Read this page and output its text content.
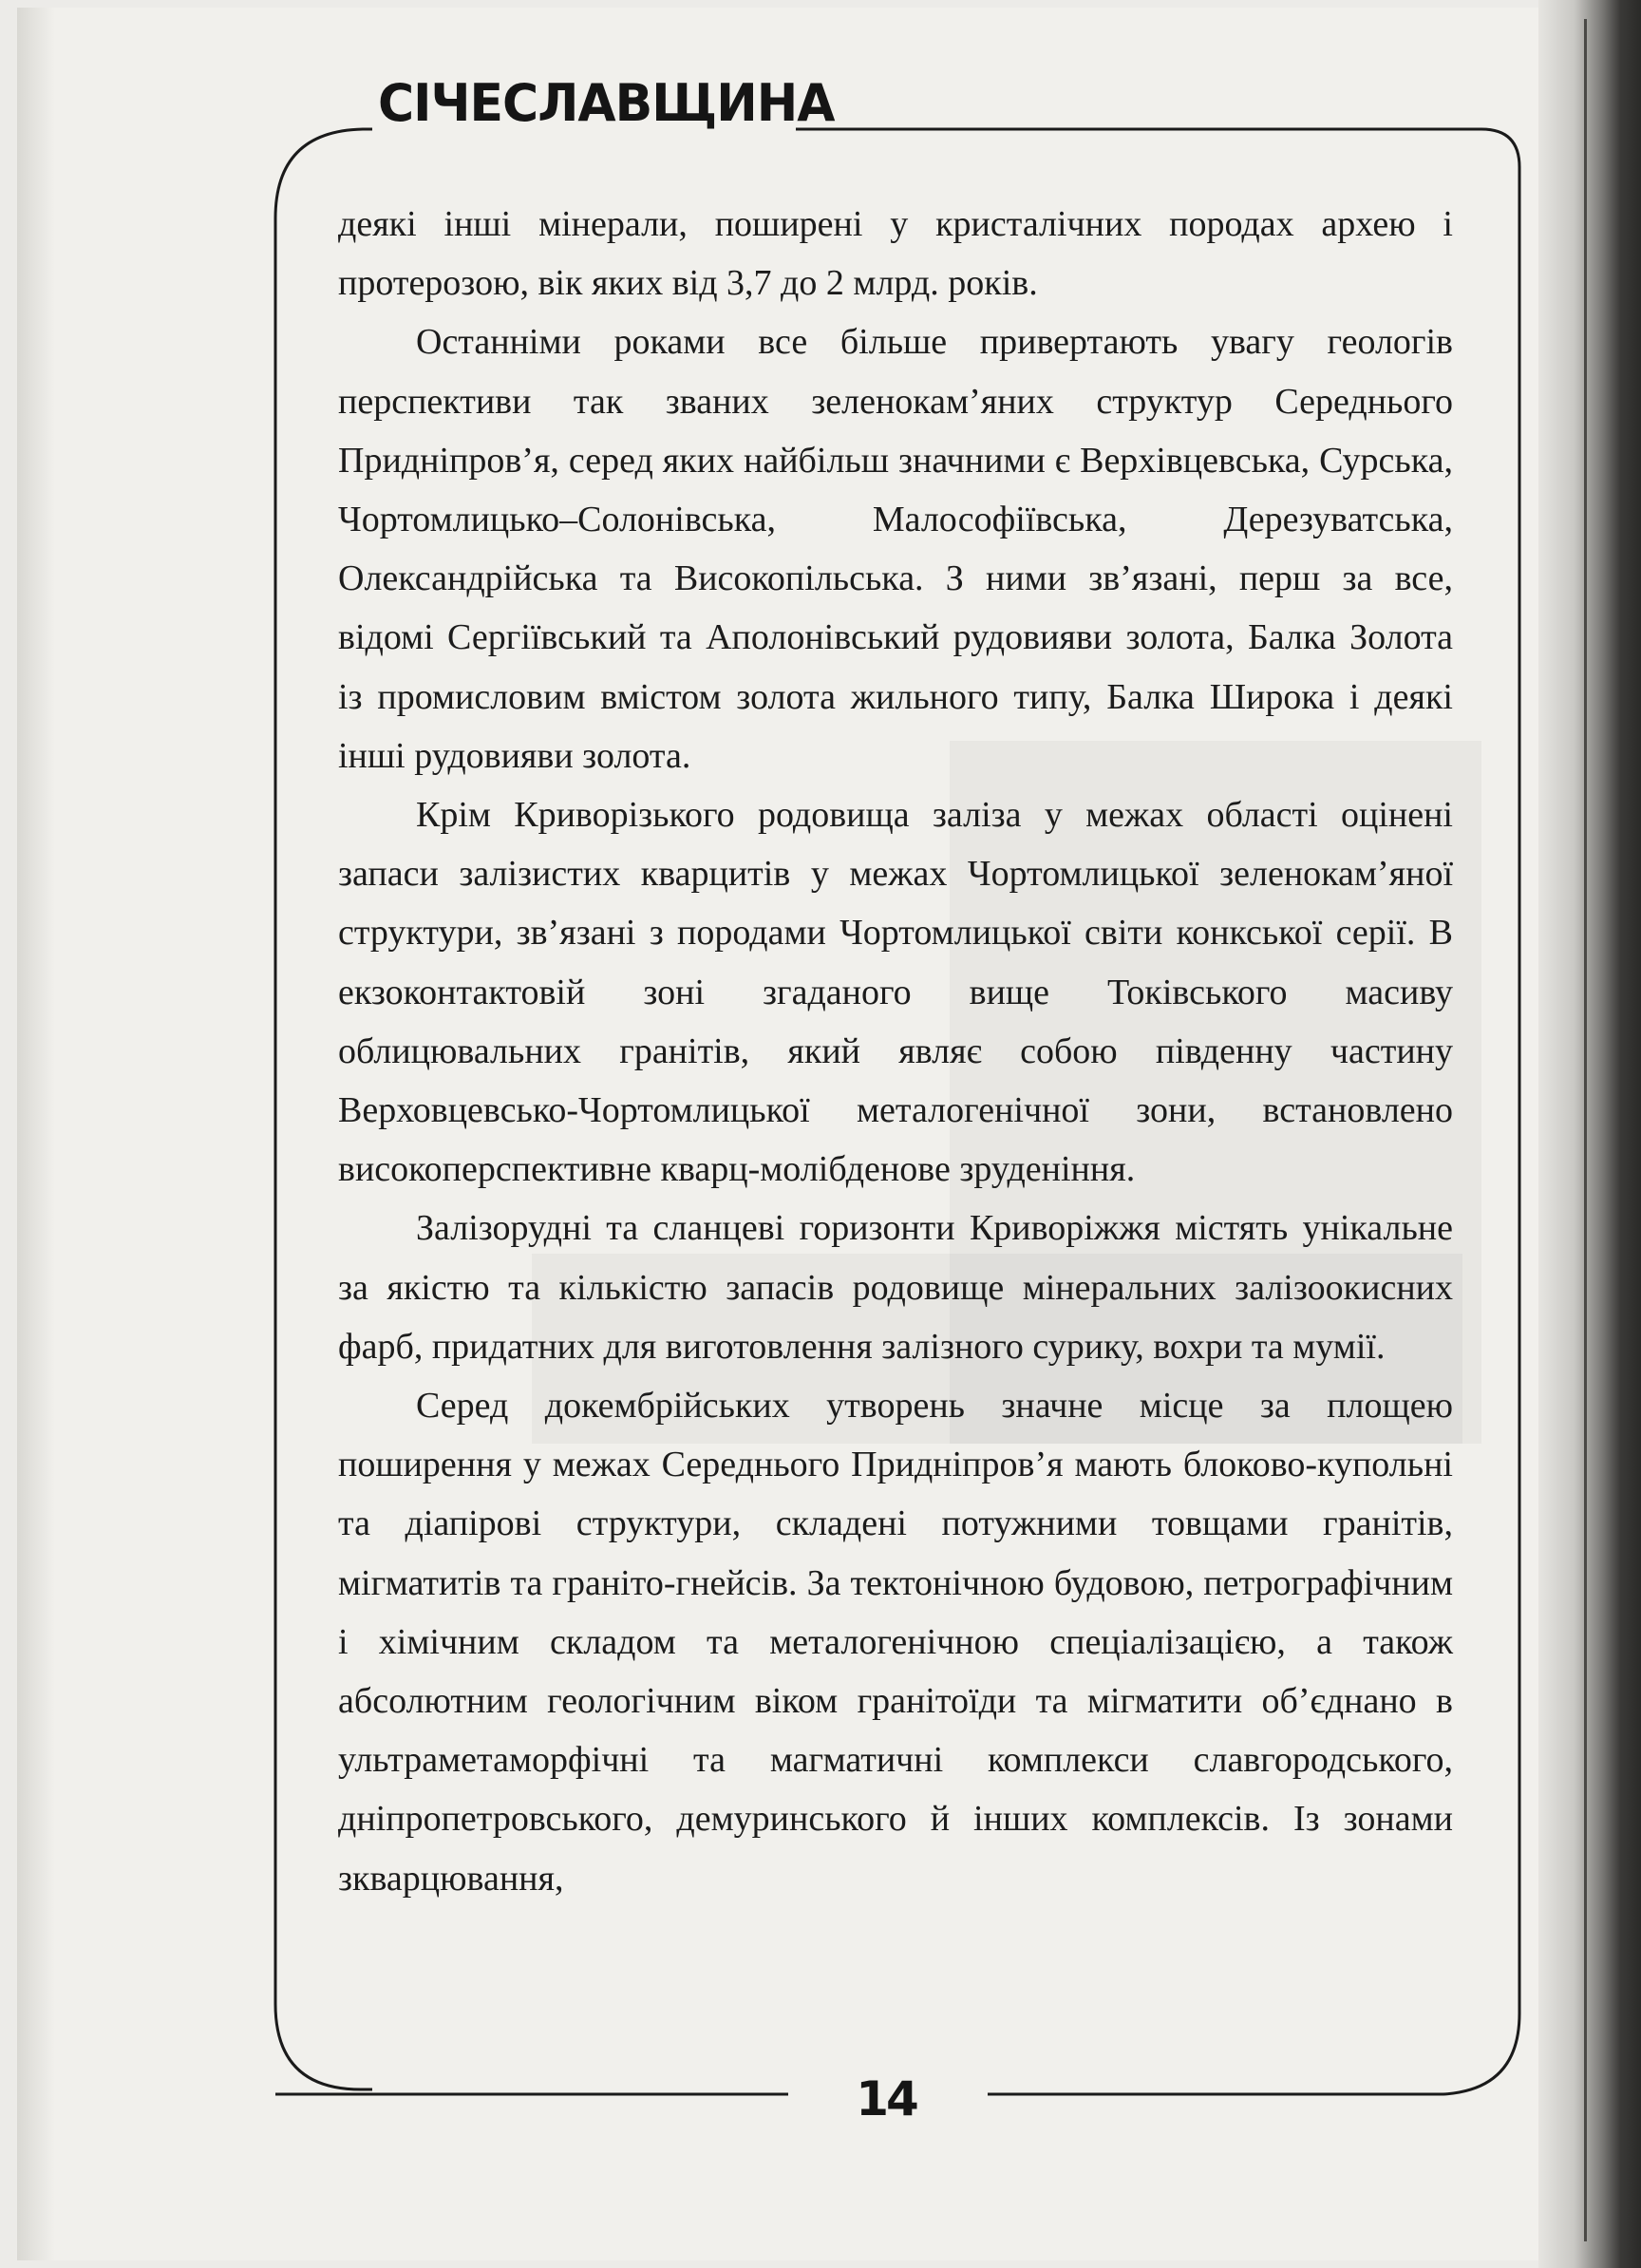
СІЧЕСЛАВЩИНА
14

деякі інші мінерали, поширені у кристалічних породах архею і протерозою, вік яких від 3,7 до 2 млрд. років.

Останніми роками все більше привертають увагу геологів перспективи так званих зеленокам’яних структур Середнього Придніпров’я, серед яких найбільш значними є Верхівцевська, Сурська, Чортомлицько–Солонівська, Малософіївська, Дерезуватська, Олександрійська та Високопільська. З ними зв’язані, перш за все, відомі Сергіївський та Аполонівський рудовияви золота, Балка Золота із промисловим вмістом золота жильного типу, Балка Широка і деякі інші рудовияви золота.

Крім Криворізького родовища заліза у межах області оцінені запаси залізистих кварцитів у межах Чортомлицької зеленокам’яної структури, зв’язані з породами Чортомлицької світи конкської серії. В екзоконтактовій зоні згаданого вище Токівського масиву облицювальних гранітів, який являє собою південну частину Верховцевсько-Чортомлицької металогенічної зони, встановлено високоперспективне кварц-молібденове зруденіння.

Залізорудні та сланцеві горизонти Криворіжжя містять унікальне за якістю та кількістю запасів родовище мінеральних залізоокисних фарб, придатних для виготовлення залізного сурику, вохри та мумії.

Серед докембрійських утворень значне місце за площею поширення у межах Середнього Придніпров’я мають блоково-купольні та діапірові структури, складені потужними товщами гранітів, мігматитів та граніто-гнейсів. За тектонічною будовою, петрографічним і хімічним складом та металогенічною спеціалізацією, а також абсолютним геологічним віком гранітоїди та мігматити об’єднано в ультраметаморфічні та магматичні комплекси славгородського, дніпропетровського, демуринського й інших комплексів. Із зонами зкварцювання,
